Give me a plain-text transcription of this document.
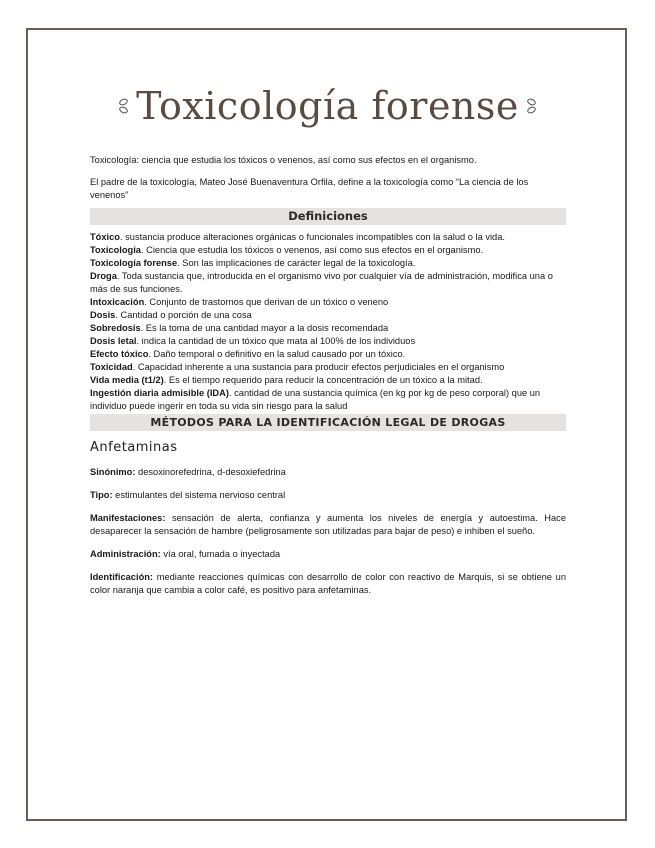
Toxicología forense

Toxicología: ciencia que estudia los tóxicos o venenos, así como sus efectos en el organismo.

El padre de la toxicología, Mateo José Buenaventura Orfila, define a la toxicología como “La ciencia de los venenos”

Definiciones

Tóxico. sustancia produce alteraciones orgánicas o funcionales incompatibles con la salud o la vida.

Toxicología. Ciencia que estudia los tóxicos o venenos, así como sus efectos en el organismo.

Toxicología forense. Son las implicaciones de carácter legal de la toxicología.

Droga. Toda sustancia que, introducida en el organismo vivo por cualquier vía de administración, modifica una o más de sus funciones.

Intoxicación. Conjunto de trastornos que derivan de un tóxico o veneno

Dosis. Cantidad o porción de una cosa

Sobredosis. Es la toma de una cantidad mayor a la dosis recomendada

Dosis letal. indica la cantidad de un tóxico que mata al 100% de los individuos

Efecto tóxico. Daño temporal o definitivo en la salud causado por un tóxico.

Toxicidad. Capacidad inherente a una sustancia para producir efectos perjudiciales en el organismo

Vida media (t1/2). Es el tiempo requerido para reducir la concentración de un tóxico a la mitad.

Ingestión diaria admisible (IDA). cantidad de una sustancia química (en kg por kg de peso corporal) que un individuo puede ingerir en toda su vida sin riesgo para la salud

MÉTODOS PARA LA IDENTIFICACIÓN LEGAL DE DROGAS
Anfetaminas

Sinónimo: desoxinorefedrina, d-desoxiefedrina

Tipo: estimulantes del sistema nervioso central

Manifestaciones: sensación de alerta, confianza y aumenta los niveles de energía y autoestima. Hace desaparecer la sensación de hambre (peligrosamente son utilizadas para bajar de peso) e inhiben el sueño.

Administración: vía oral, fumada o inyectada

Identificación: mediante reacciones químicas con desarrollo de color con reactivo de Marquis, si se obtiene un color naranja que cambia a color café, es positivo para anfetaminas.
